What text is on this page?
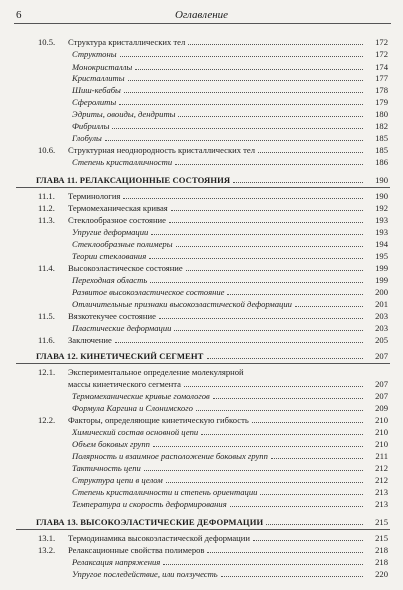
6	Оглавление
10.5. Структура кристаллических тел	172
Структоны	172
Монокристаллы	174
Кристаллиты	177
Шиш-кебабы	178
Сферолиты	179
Эдриты, овоиды, дендриты	180
Фибриллы	182
Глобулы	185
10.6. Структурная неоднородность кристаллических тел	185
Степень кристалличности	186
ГЛАВА 11. РЕЛАКСАЦИОННЫЕ СОСТОЯНИЯ	190
11.1. Терминология	190
11.2. Термомеханическая кривая	192
11.3. Стеклообразное состояние	193
Упругие деформации	193
Стеклообразные полимеры	194
Теории стеклования	195
11.4. Высокоэластическое состояние	199
Переходная область	199
Развитое высокоэластическое состояние	200
Отличительные признаки высокоэластической деформации	201
11.5. Вязкотекучее состояние	203
Пластические деформации	203
11.6. Заключение	205
ГЛАВА 12. КИНЕТИЧЕСКИЙ СЕГМЕНТ	207
12.1. Экспериментальное определение молекулярной
массы кинетического сегмента	207
Термомеханические кривые гомологов	207
Формула Каргина и Слонимского	209
12.2. Факторы, определяющие кинетическую гибкость	210
Химический состав основной цепи	210
Объем боковых групп	210
Полярность и взаимное расположение боковых групп	211
Тактичность цепи	212
Структура цепи в целом	212
Степень кристалличности и степень ориентации	213
Температура и скорость деформирования	213
ГЛАВА 13. ВЫСОКОЭЛАСТИЧЕСКИЕ ДЕФОРМАЦИИ	215
13.1. Термодинамика высокоэластической деформации	215
13.2. Релаксационные свойства полимеров	218
Релаксация напряжения	218
Упругое последействие, или ползучесть	220
